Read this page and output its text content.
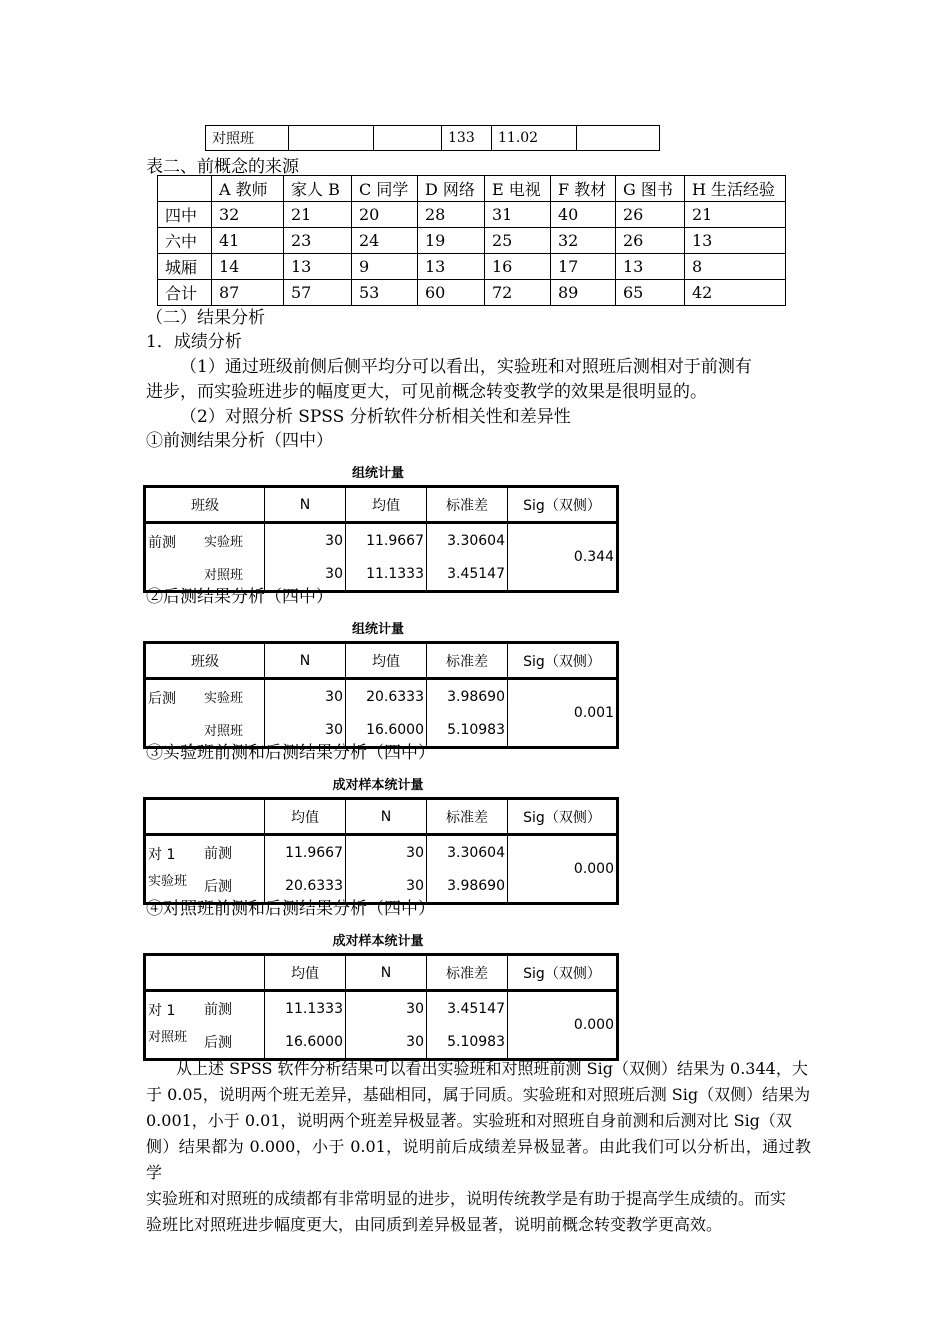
对照班			133	11.02	
表二、前概念的来源
	A 教师	家人 B	C 同学	D 网络	E 电视	F 教材	G 图书	H 生活经验
四中	32	21	20	28	31	40	26	21
六中	41	23	24	19	25	32	26	13
城厢	14	13	9	13	16	17	13	8
合计	87	57	53	60	72	89	65	42
（二）结果分析
1．成绩分析
（1）通过班级前侧后侧平均分可以看出，实验班和对照班后测相对于前测有
进步，而实验班进步的幅度更大，可见前概念转变教学的效果是很明显的。
（2）对照分析 SPSS 分析软件分析相关性和差异性
①前测结果分析（四中）
组统计量
班级		N	均值	标准差	Sig（双侧）
前测	实验班	30	11.9667	3.30604	0.344
	对照班	30	11.1333	3.45147	
②后测结果分析（四中）
组统计量
班级		N	均值	标准差	Sig（双侧）
后测	实验班	30	20.6333	3.98690	0.001
	对照班	30	16.6000	5.10983	
③实验班前测和后测结果分析（四中）
成对样本统计量
		均值	N	标准差	Sig（双侧）

对 1
实验班	前测	11.9667	30	3.30604	0.000
	后测	20.6333	30	3.98690	
④对照班前测和后测结果分析（四中）
成对样本统计量
		均值	N	标准差	Sig（双侧）

对 1
对照班	前测	11.1333	30	3.45147	0.000
	后测	16.6000	30	5.10983	

从上述 SPSS 软件分析结果可以看出实验班和对照班前测 Sig（双侧）结果为 0.344，大

于 0.05，说明两个班无差异，基础相同，属于同质。实验班和对照班后测 Sig（双侧）结果为

0.001，小于 0.01，说明两个班差异极显著。实验班和对照班自身前测和后测对比 Sig（双

侧）结果都为 0.000，小于 0.01，说明前后成绩差异极显著。由此我们可以分析出，通过教学

实验班和对照班的成绩都有非常明显的进步，说明传统教学是有助于提高学生成绩的。而实

验班比对照班进步幅度更大，由同质到差异极显著，说明前概念转变教学更高效。
